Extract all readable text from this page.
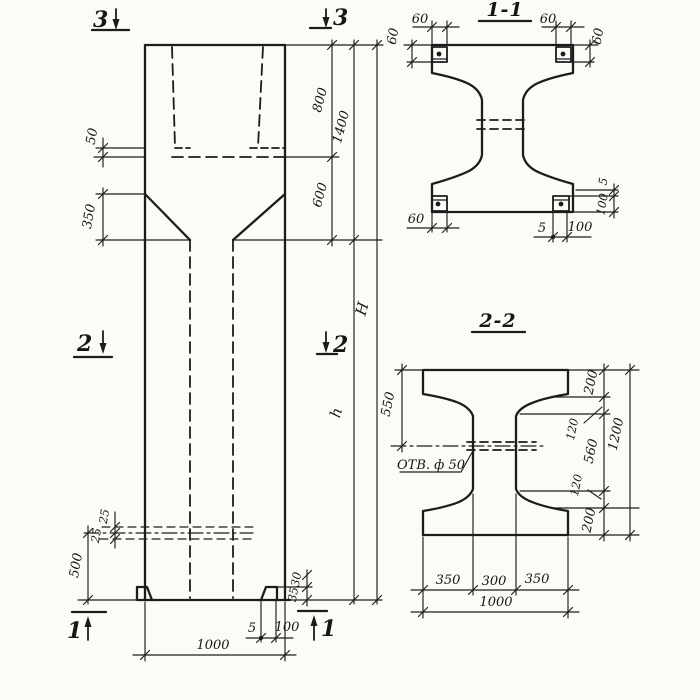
50
350
800
600
1400
h
H
25
25
500
30
35
5 100
1000
3	3
2	2
1	1
1-1
60
60
60
60
60
5 100
5
100
2-2
ОТВ. ф 50
550
200
120
560
120
200
1200
350 300 350
1000
